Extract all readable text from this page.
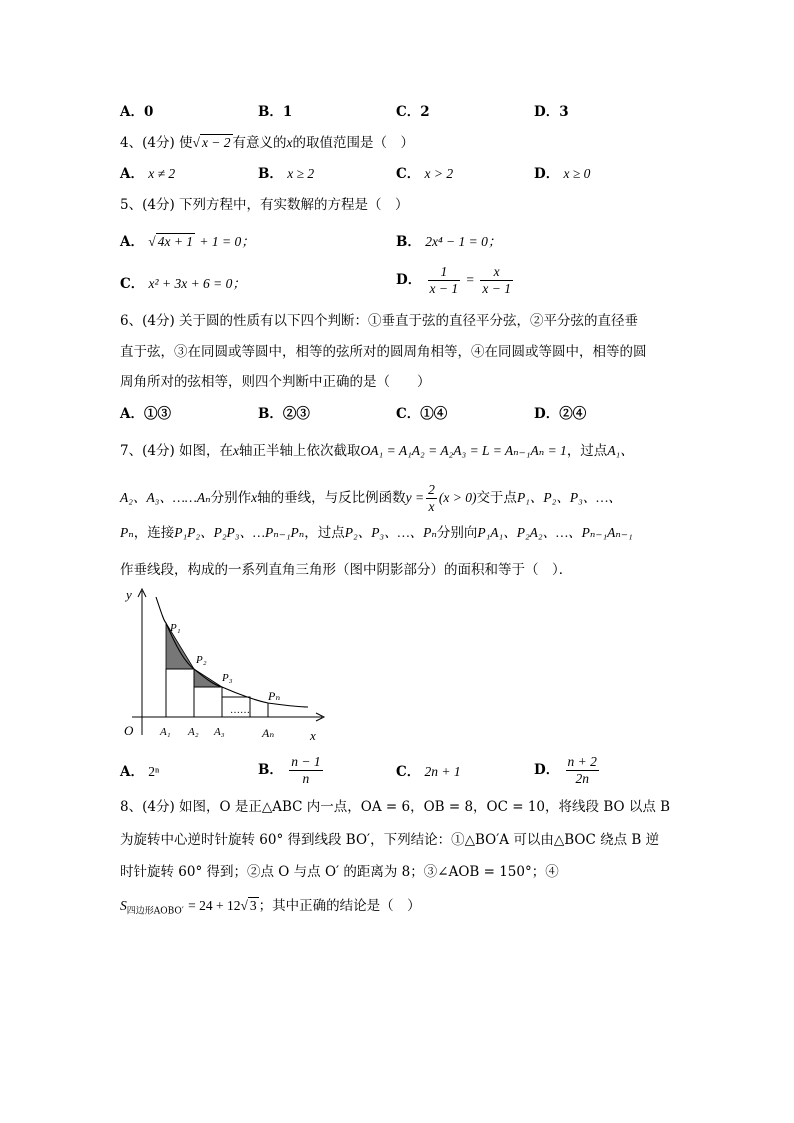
A．0	B．1	C．2	D．3
4、(4分) 使√ x − 2 有意义的x的取值范围是（　）
A． x ≠ 2	B． x ≥ 2	C． x > 2	D． x ≥ 0
5、(4分) 下列方程中，有实数解的方程是（　）
A． √ 4x + 1 + 1 = 0；	B． 2x⁴ − 1 = 0；
C． x² + 3x + 6 = 0；	D． $\frac{1}{x - 1} = \frac{x}{x - 1}$
6、(4分) 关于圆的性质有以下四个判断：①垂直于弦的直径平分弦，②平分弦的直径垂
直于弦，③在同圆或等圆中，相等的弦所对的圆周角相等，④在同圆或等圆中，相等的圆
周角所对的弦相等，则四个判断中正确的是（　　）
A．①③	B．②③	C．①④	D．②④
7、(4分) 如图，在x轴正半轴上依次截取OA₁ = A₁A₂ = A₂A₃ = L = Aₙ₋₁Aₙ = 1，过点A₁、
A₂、A₃、……Aₙ分别作x轴的垂线，与反比例函数$y = \frac{2}{x} (x > 0)$交于点P₁、P₂、P₃、…、
Pₙ，连接P₁P₂、P₂P₃、…Pₙ₋₁Pₙ，过点P₂、P₃、…、Pₙ分别向P₁A₁、P₂A₂、…、Pₙ₋₁Aₙ₋₁
作垂线段，构成的一系列直角三角形（图中阴影部分）的面积和等于（　）．
y
x
O
P₁
P₂
P₃
Pₙ
A₁ A₂ A₃	Aₙ
……
A． 2ⁿ	B． $\frac{n - 1}{n}$	C． 2n + 1	D． $\frac{n + 2}{2n}$
8、(4分) 如图，O 是正△ABC 内一点，OA = 6，OB = 8，OC = 10，将线段 BO 以点 B
为旋转中心逆时针旋转 60° 得到线段 BO′，下列结论：①△BO′A 可以由△BOC 绕点 B 逆
时针旋转 60° 得到；②点 O 与点 O′ 的距离为 8；③∠AOB = 150°；④
$S_{四边形AOBO'} = 24 + 12√$ 3 ；其中正确的结论是（　）
